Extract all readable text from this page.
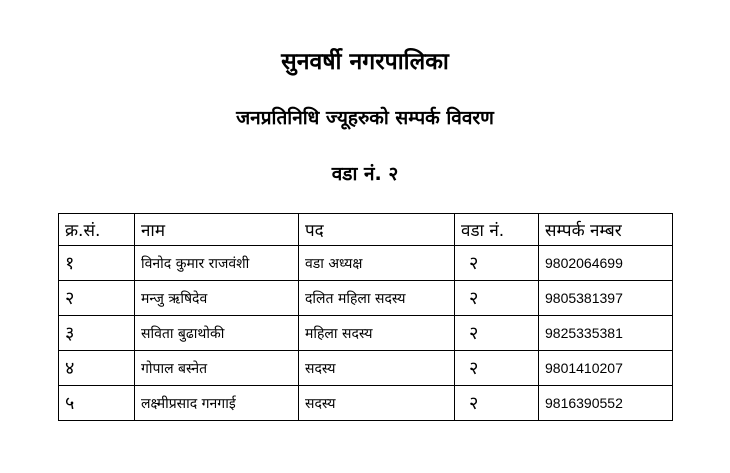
सुनवर्षी नगरपालिका
जनप्रतिनिधि ज्यूहरुको सम्पर्क विवरण
वडा नं. २
क्र.सं.	नाम	पद	वडा नं.	सम्पर्क नम्बर
१	विनोद कुमार राजवंशी	वडा अध्यक्ष	२	9802064699
२	मन्जु ऋषिदेव	दलित महिला सदस्य	२	9805381397
३	सविता बुढाथोकी	महिला सदस्य	२	9825335381
४	गोपाल बस्नेत	सदस्य	२	9801410207
५	लक्ष्मीप्रसाद गनगाई	सदस्य	२	9816390552
